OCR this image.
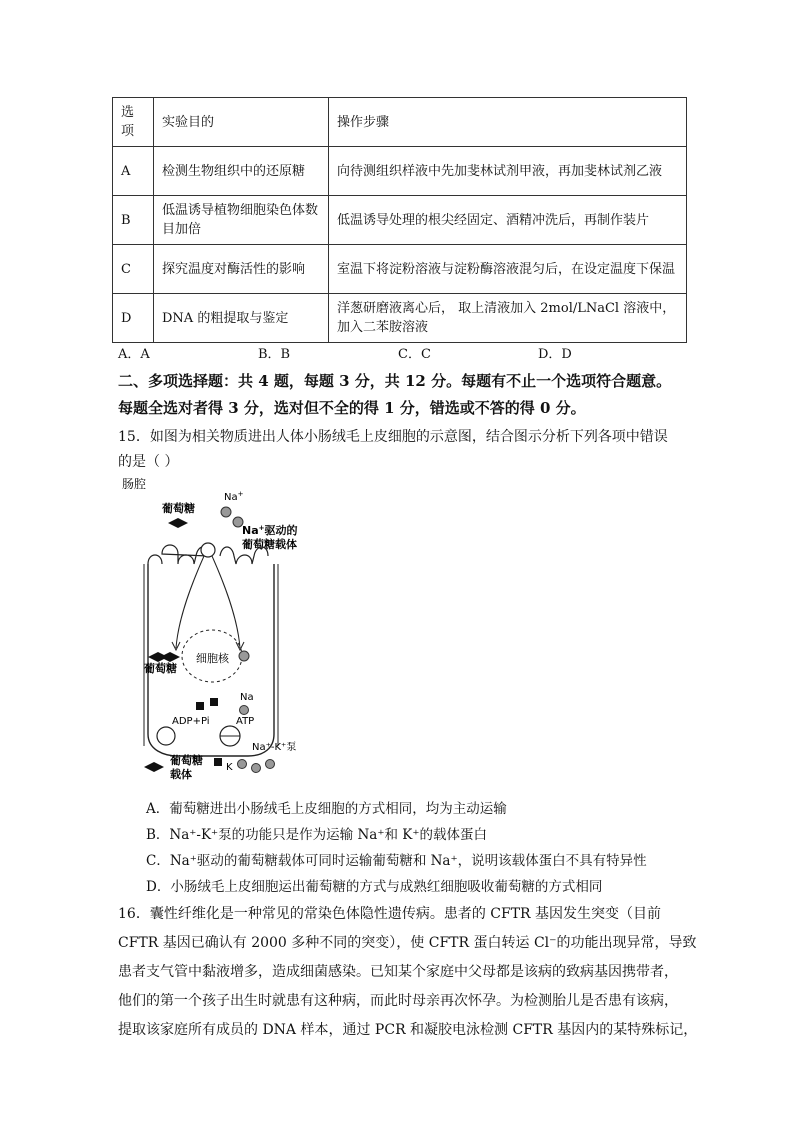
选
项	实验目的	操作步骤
A	检测生物组织中的还原糖	向待测组织样液中先加斐林试剂甲液，再加斐林试剂乙液
B	低温诱导植物细胞染色体数目加倍	低温诱导处理的根尖经固定、酒精冲洗后，再制作装片
C	探究温度对酶活性的影响	室温下将淀粉溶液与淀粉酶溶液混匀后，在设定温度下保温
D	DNA 的粗提取与鉴定	洋葱研磨液离心后， 取上清液加入 2mol/LNaCl 溶液中，加入二苯胺溶液
A．A	B．B	C．C	D．D
二、多项选择题：共 4 题，每题 3 分，共 12 分。每题有不止一个选项符合题意。
每题全选对者得 3 分，选对但不全的得 1 分，错选或不答的得 0 分。
15．如图为相关物质进出人体小肠绒毛上皮细胞的示意图，结合图示分析下列各项中错误
的是（ ）
肠腔
葡萄糖
Na+
Na+驱动的
葡萄糖载体
细胞核
葡萄糖
Na
ADP+Pi	ATP
Na⁺-K⁺泵
葡萄糖
载体
K
A．葡萄糖进出小肠绒毛上皮细胞的方式相同，均为主动运输
B．Na⁺-K⁺泵的功能只是作为运输 Na⁺和 K⁺的载体蛋白
C．Na⁺驱动的葡萄糖载体可同时运输葡萄糖和 Na⁺，说明该载体蛋白不具有特异性
D．小肠绒毛上皮细胞运出葡萄糖的方式与成熟红细胞吸收葡萄糖的方式相同
16．囊性纤维化是一种常见的常染色体隐性遗传病。患者的 CFTR 基因发生突变（目前
CFTR 基因已确认有 2000 多种不同的突变），使 CFTR 蛋白转运 Cl⁻的功能出现异常，导致
患者支气管中黏液增多，造成细菌感染。已知某个家庭中父母都是该病的致病基因携带者，
他们的第一个孩子出生时就患有这种病，而此时母亲再次怀孕。为检测胎儿是否患有该病，
提取该家庭所有成员的 DNA 样本，通过 PCR 和凝胶电泳检测 CFTR 基因内的某特殊标记，
